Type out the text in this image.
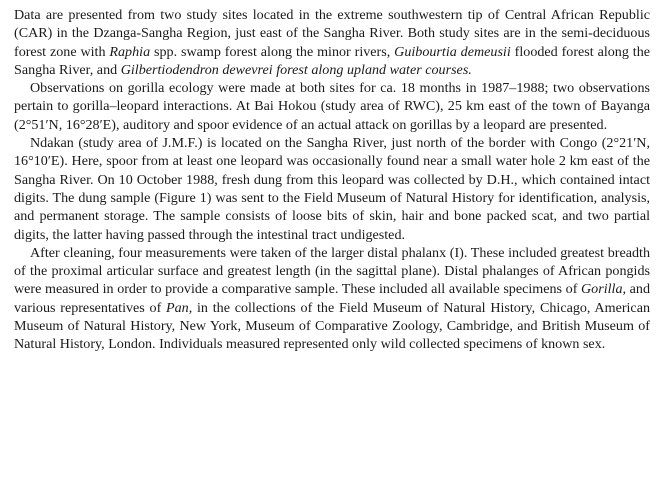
Data are presented from two study sites located in the extreme southwestern tip of Central African Republic (CAR) in the Dzanga-Sangha Region, just east of the Sangha River. Both study sites are in the semi-deciduous forest zone with Raphia spp. swamp forest along the minor rivers, Guibourtia demeusii flooded forest along the Sangha River, and Gilbertiodendron dewevrei forest along upland water courses.

Observations on gorilla ecology were made at both sites for ca. 18 months in 1987–1988; two observations pertain to gorilla–leopard interactions. At Bai Hokou (study area of RWC), 25 km east of the town of Bayanga (2°51′N, 16°28′E), auditory and spoor evidence of an actual attack on gorillas by a leopard are presented.

Ndakan (study area of J.M.F.) is located on the Sangha River, just north of the border with Congo (2°21′N, 16°10′E). Here, spoor from at least one leopard was occasionally found near a small water hole 2 km east of the Sangha River. On 10 October 1988, fresh dung from this leopard was collected by D.H., which contained intact digits. The dung sample (Figure 1) was sent to the Field Museum of Natural History for identification, analysis, and permanent storage. The sample consists of loose bits of skin, hair and bone packed scat, and two partial digits, the latter having passed through the intestinal tract undigested.

After cleaning, four measurements were taken of the larger distal phalanx (I). These included greatest breadth of the proximal articular surface and greatest length (in the sagittal plane). Distal phalanges of African pongids were measured in order to provide a comparative sample. These included all available specimens of Gorilla, and various representatives of Pan, in the collections of the Field Museum of Natural History, Chicago, American Museum of Natural History, New York, Museum of Comparative Zoology, Cambridge, and British Museum of Natural History, London. Individuals measured represented only wild collected specimens of known sex.
